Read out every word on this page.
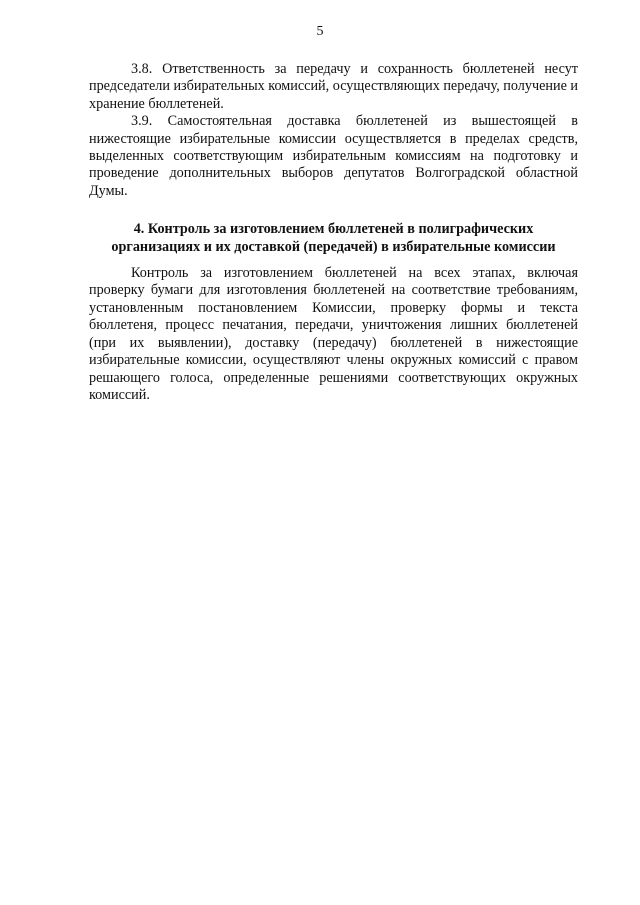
5

3.8. Ответственность за передачу и сохранность бюллетеней несут председатели избирательных комиссий, осуществляющих передачу, получение и хранение бюллетеней.

3.9. Самостоятельная доставка бюллетеней из вышестоящей в нижестоящие избирательные комиссии осуществляется в пределах средств, выделенных соответствующим избирательным комиссиям на подготовку и проведение дополнительных выборов депутатов Волгоградской областной Думы.

4. Контроль за изготовлением бюллетеней в полиграфических
организациях и их доставкой (передачей) в избирательные комиссии

Контроль за изготовлением бюллетеней на всех этапах, включая проверку бумаги для изготовления бюллетеней на соответствие требованиям, установленным постановлением Комиссии, проверку формы и текста бюллетеня, процесс печатания, передачи, уничтожения лишних бюллетеней (при их выявлении), доставку (передачу) бюллетеней в нижестоящие избирательные комиссии, осуществляют члены окружных комиссий с правом решающего голоса, определенные решениями соответствующих окружных комиссий.
